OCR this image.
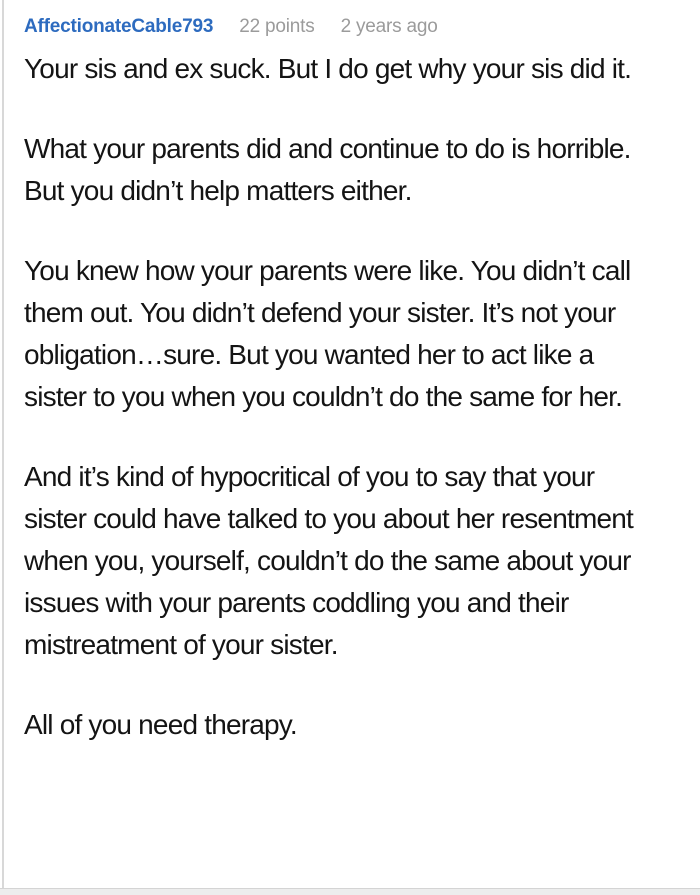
AffectionateCable793 22 points 2 years ago

Your sis and ex suck. But I do get why your sis did it.

What your parents did and continue to do is horrible. But you didn’t help matters either.

You knew how your parents were like. You didn’t call them out. You didn’t defend your sister. It’s not your obligation…sure. But you wanted her to act like a sister to you when you couldn’t do the same for her.

And it’s kind of hypocritical of you to say that your sister could have talked to you about her resentment when you, yourself, couldn’t do the same about your issues with your parents coddling you and their mistreatment of your sister.

All of you need therapy.
